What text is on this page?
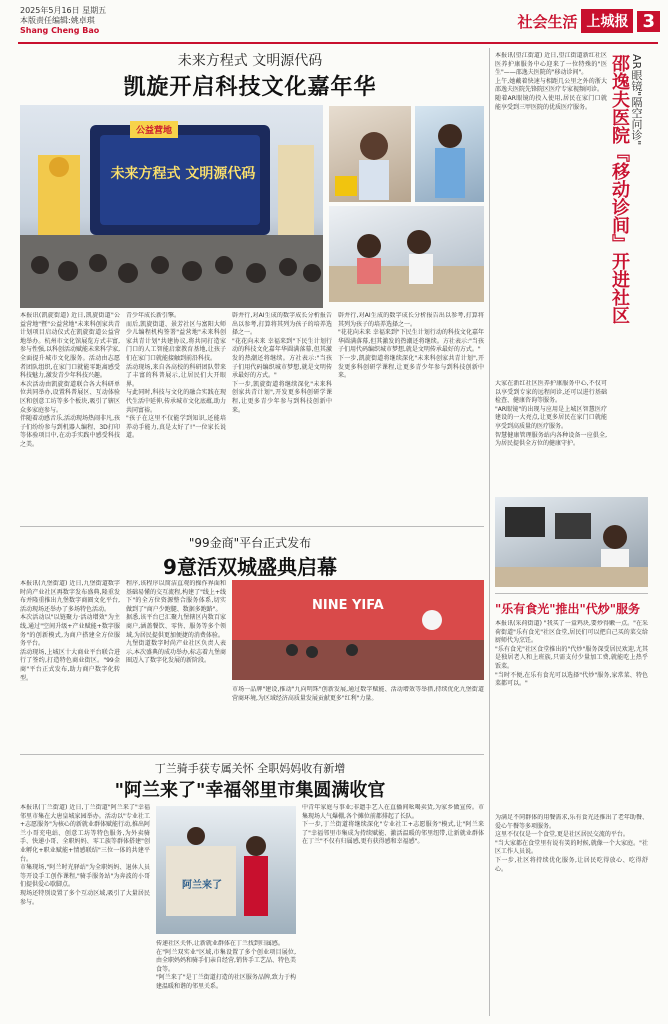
2025年5月16日 星期五
本版责任编辑:姚卓琪
Shang Cheng Bao	社会生活 上城报 3
未来方程式 文明源代码
凯旋开启科技文化嘉年华
未来方程式 文明源代码
公益营地
本报讯(凯旋街道) 近日,凯旋街道"公益营地"暨"公益营地"未来科创家共青计划项目启动仪式在凯旋街道公益营地举办。杭州市文化馆展览方式丰富,参与性强,以科创活动赋能未来科学家,全面提升城市文化服务。活动由志愿者团队组织,在家门口就能零距离感受科技魅力,激发青少年科技兴趣。
本次活动由凯旋街道联合各大科研单位共同举办,设置科普展区、互动体验区和创意工坊等多个板块,吸引了辖区众多家庭参与。
伴随着动感音乐,活动现场热闹非凡,孩子们纷纷参与到机器人编程、3D打印等体验项目中,在动手实践中感受科技之美。
青少年成长新引擎。
而后,凯旋街道、景芳社区与富阳大师少儿编程机构签署"益营地"未来科创家共青计划"共建协议,将共同打造家门口的人工智能启蒙教育基地,让孩子们在家门口就能接触到前沿科技。
活动现场,来自各高校的科研团队带来了丰富的科普展示,让居民们大开眼界。
与此同时,科技与文化的融合实践在现代生活中延伸,传承城市文化底蕴,助力共同富裕。
"孩子在这里不仅能学到知识,还能培养动手能力,真是太好了!"一位家长说道。
辟并行,对AI生成的数字成长分析报告出以参考,打算将其列为孩子的培养选择之一。
"花花向未来 幸福来到"下民生计划行动的科技文化嘉年华圆满落幕,但其激发的热潮还将继续。方社表示:"当孩子们用代码编织城市梦想,就是文明传承最好的方式。"
下一步,凯旋街道将继续深化"未来科创家共青计划",开发更多科创研学课程,让更多青少年参与到科技创新中来。
辟并行,对AI生成的数字成长分析报告出以参考,打算将其列为孩子的培养选择之一。
"花花向未来 幸福来到"下民生计划行动的科技文化嘉年华圆满落幕,但其激发的热潮还将继续。方社表示:"当孩子们用代码编织城市梦想,就是文明传承最好的方式。"
下一步,凯旋街道将继续深化"未来科创家共青计划",开发更多科创研学课程,让更多青少年参与到科技创新中来。
"99金商"平台正式发布
9意活双城盛典启幕
本报讯(九堡街道) 近日,九堡街道数字时尚产业社区再数字发布盛典,隆重发布并隆重推出九堡数字商圈文化平台,活动现场还举办了多场特色活动。
本次活动以"以链聚力·活动增效"为主线,通过"空间升级+产业赋能+数字服务"的创新模式,为商户搭建全方位服务平台。
活动现场,上城区十大商业平台联合进行了签约,打造特色商业街区。"99金商"平台正式发布,助力商户数字化转型。
程序,该程序以简洁直观的操作界面和基础易懂的交互流程,构建了"线上+线下"的全方位资源整合服务体系,切实做到了"商户少跑腿、数据多跑路"。
据悉,该平台已汇聚九堡辖区内数百家商户,涵盖餐饮、零售、服务等多个领域,为居民提供更加便捷的消费体验。
九堡街道数字时尚产业社区负责人表示,本次盛典的成功举办,标志着九堡商圈迈入了数字化发展的新阶段。
NINE YIFA
市场一品牌"建设,推动"九向明珠"创新发展,通过数字赋能、活动增效等举措,持续优化九堡街道营商环境,为区域经济高质量发展贡献更多"红利"力量。
丁兰骑手获专属关怀 全职妈妈收有新增
"阿兰来了"幸福邻里市集圆满收官
本报讯(丁兰街道) 近日,丁兰街道"阿兰来了"幸福邻里市集在大唐皇城家园举办。活动以"专业社工+志愿服务"为核心的新就业群体赋能行动,推出阿兰小哥充电站、创意工坊等特色服务,为外卖骑手、快递小哥、全职妈妈、零工族等群体搭建"创业孵化+职业赋能+情感联结"三位一体的共建平台。
市集现场,"阿兰时光驿站"为全职妈妈、退休人员等开设手工创作课程,"骑手服务站"为奔波的小哥们提供爱心歇脚点。
现场还特别设置了多个互动区域,吸引了大量居民参与。
阿兰来了
传递社区关怀,让新就业群体在丁兰找到归属感。
在"阿兰双实业"区域,市集设置了多个创业项目展位,由全职妈妈和骑手们亲自经营,销售手工艺品、特色美食等。
"阿兰来了"是丁兰街道打造的社区服务品牌,致力于构建温暖和谐的邻里关系。
中青年家庭与事业;非遗手艺人在直播间吆喝卖货,为家乡做宣传。市集现场人气爆棚,各个摊位前都排起了长队。
下一步,丁兰街道将继续深化"专业社工+志愿服务"模式,让"阿兰来了"幸福邻里市集成为持续赋能、激活温暖的邻里纽带,让新就业群体在丁兰"不仅有归属感,更有获得感和幸福感"。
本报讯(望江街道) 近日,望江街道新红社区医养护康服务中心迎来了一位特殊的"医生"——邵逸夫医院的"移动诊间"。
上午,她戴着快速与相距几公里之外的浙大邵逸夫医院先锋院区医疗专家视频问诊。
随着AR眼镜的投入使用,居民在家门口就能享受到三甲医院的优质医疗服务。	AR眼镜"隔空问诊"
邵逸夫医院『移动诊间』开进社区
大家在新红社区医养护康服务中心,不仅可以享受到专家的远程问诊,还可以进行基础检查、健康咨询等服务。
"AR眼镜"的出现与应用是上城区智慧医疗建设的一大亮点,让更多居民在家门口就能享受到高质量的医疗服务。
智慧健康管理服务站内各种设备一应俱全,为居民提供全方位的健康守护。
"乐有食光"推出"代炒"服务
本报讯(采荷街道) "我买了一盒鸡块,要炒得嫩一点。"在采荷街道"乐有食光"社区食堂,居民们可以把自己买的菜交给厨师代为烹饪。
"乐有食光"社区食堂推出的"代炒"服务深受居民欢迎,尤其是独居老人和上班族,只需支付少量加工费,就能吃上热乎饭菜。
"当时不便,在乐有食光可以选择"代炒"服务,家常菜、特色菜都可以。"
为满足不同群体的用餐需求,乐有食光还推出了老年助餐、爱心午餐等多项服务。
这里不仅仅是一个食堂,更是社区居民交流的平台。
"当大家都在食堂里有说有笑的时候,就像一个大家庭。"社区工作人员说。
下一步,社区将持续优化服务,让居民吃得放心、吃得舒心。
